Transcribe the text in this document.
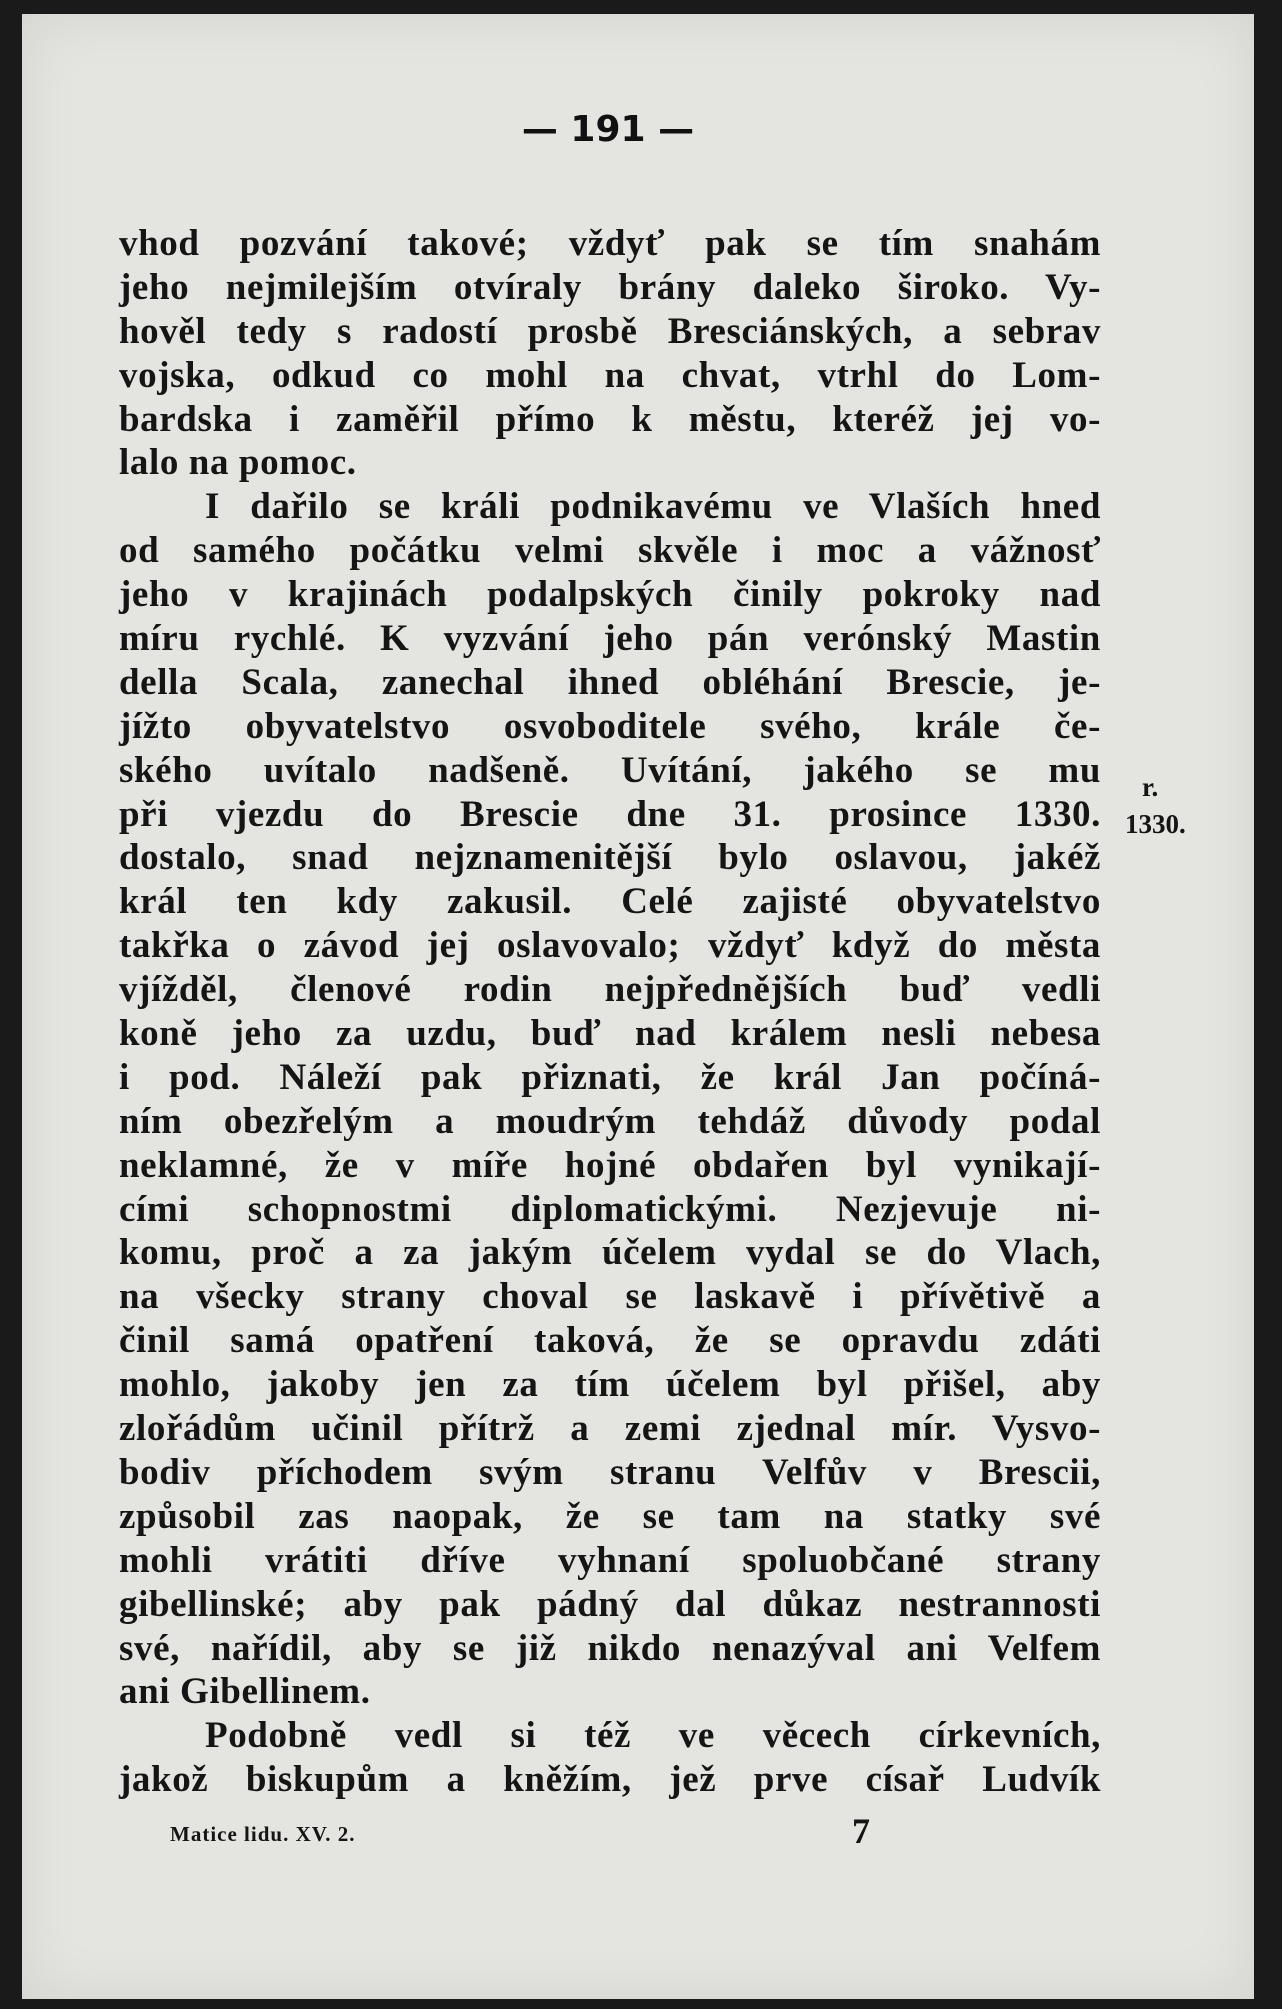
— 191 —
vhod pozvání takové; vždyť pak se tím snahám
jeho nejmilejším otvíraly brány daleko široko. Vy-
hověl tedy s radostí prosbě Bresciánských, a sebrav
vojska, odkud co mohl na chvat, vtrhl do Lom-
bardska i zaměřil přímo k městu, kteréž jej vo-
lalo na pomoc.
I dařilo se králi podnikavému ve Vlaších hned
od samého počátku velmi skvěle i moc a vážnosť
jeho v krajinách podalpských činily pokroky nad
míru rychlé. K vyzvání jeho pán verónský Mastin
della Scala, zanechal ihned obléhání Brescie, je-
jížto obyvatelstvo osvoboditele svého, krále če-
ského uvítalo nadšeně. Uvítání, jakého se mu
při vjezdu do Brescie dne 31. prosince 1330.
dostalo, snad nejznamenitější bylo oslavou, jakéž
král ten kdy zakusil. Celé zajisté obyvatelstvo
takřka o závod jej oslavovalo; vždyť když do města
vjížděl, členové rodin nejpřednějších buď vedli
koně jeho za uzdu, buď nad králem nesli nebesa
i pod. Náleží pak přiznati, že král Jan počíná-
ním obezřelým a moudrým tehdáž důvody podal
neklamné, že v míře hojné obdařen byl vynikají-
cími schopnostmi diplomatickými. Nezjevuje ni-
komu, proč a za jakým účelem vydal se do Vlach,
na všecky strany choval se laskavě i přívětivě a
činil samá opatření taková, že se opravdu zdáti
mohlo, jakoby jen za tím účelem byl přišel, aby
zlořádům učinil přítrž a zemi zjednal mír. Vysvo-
bodiv příchodem svým stranu Velfův v Brescii,
způsobil zas naopak, že se tam na statky své
mohli vrátiti dříve vyhnaní spoluobčané strany
gibellinské; aby pak pádný dal důkaz nestrannosti
své, nařídil, aby se již nikdo nenazýval ani Velfem
ani Gibellinem.
Podobně vedl si též ve věcech církevních,
jakož biskupům a kněžím, jež prve císař Ludvík
r.
1330.
Matice lidu. XV. 2.	7
